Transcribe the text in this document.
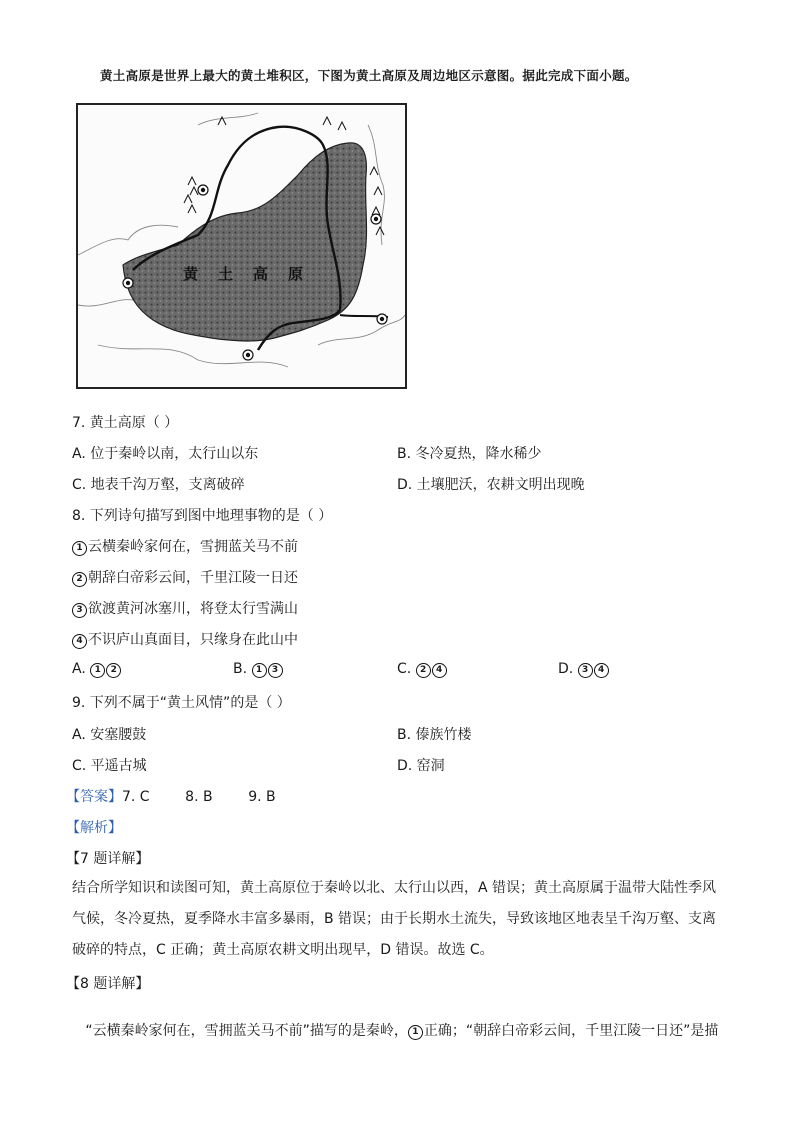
黄土高原是世界上最大的黄土堆积区，下图为黄土高原及周边地区示意图。据此完成下面小题。
黄土高原
7. 黄土高原（ ）
A. 位于秦岭以南，太行山以东	B. 冬冷夏热，降水稀少
C. 地表千沟万壑，支离破碎	D. 土壤肥沃，农耕文明出现晚
8. 下列诗句描写到图中地理事物的是（ ）
1 云横秦岭家何在，雪拥蓝关马不前
2 朝辞白帝彩云间，千里江陵一日还
3 欲渡黄河冰塞川，将登太行雪满山
4 不识庐山真面目，只缘身在此山中
A. 1 2	B. 1 3	C. 2 4	D. 3 4
9. 下列不属于“黄土风情”的是（ ）
A. 安塞腰鼓	B. 傣族竹楼
C. 平遥古城	D. 窑洞
【答案】7. C        8. B        9. B
【解析】
【7 题详解】
结合所学知识和读图可知，黄土高原位于秦岭以北、太行山以西，A 错误；黄土高原属于温带大陆性季风
气候，冬冷夏热，夏季降水丰富多暴雨，B 错误；由于长期水土流失，导致该地区地表呈千沟万壑、支离
破碎的特点，C 正确；黄土高原农耕文明出现早，D 错误。故选 C。
【8 题详解】

“云横秦岭家何在，雪拥蓝关马不前”描写的是秦岭， 1 正确；“朝辞白帝彩云间，千里江陵一日还”是描
